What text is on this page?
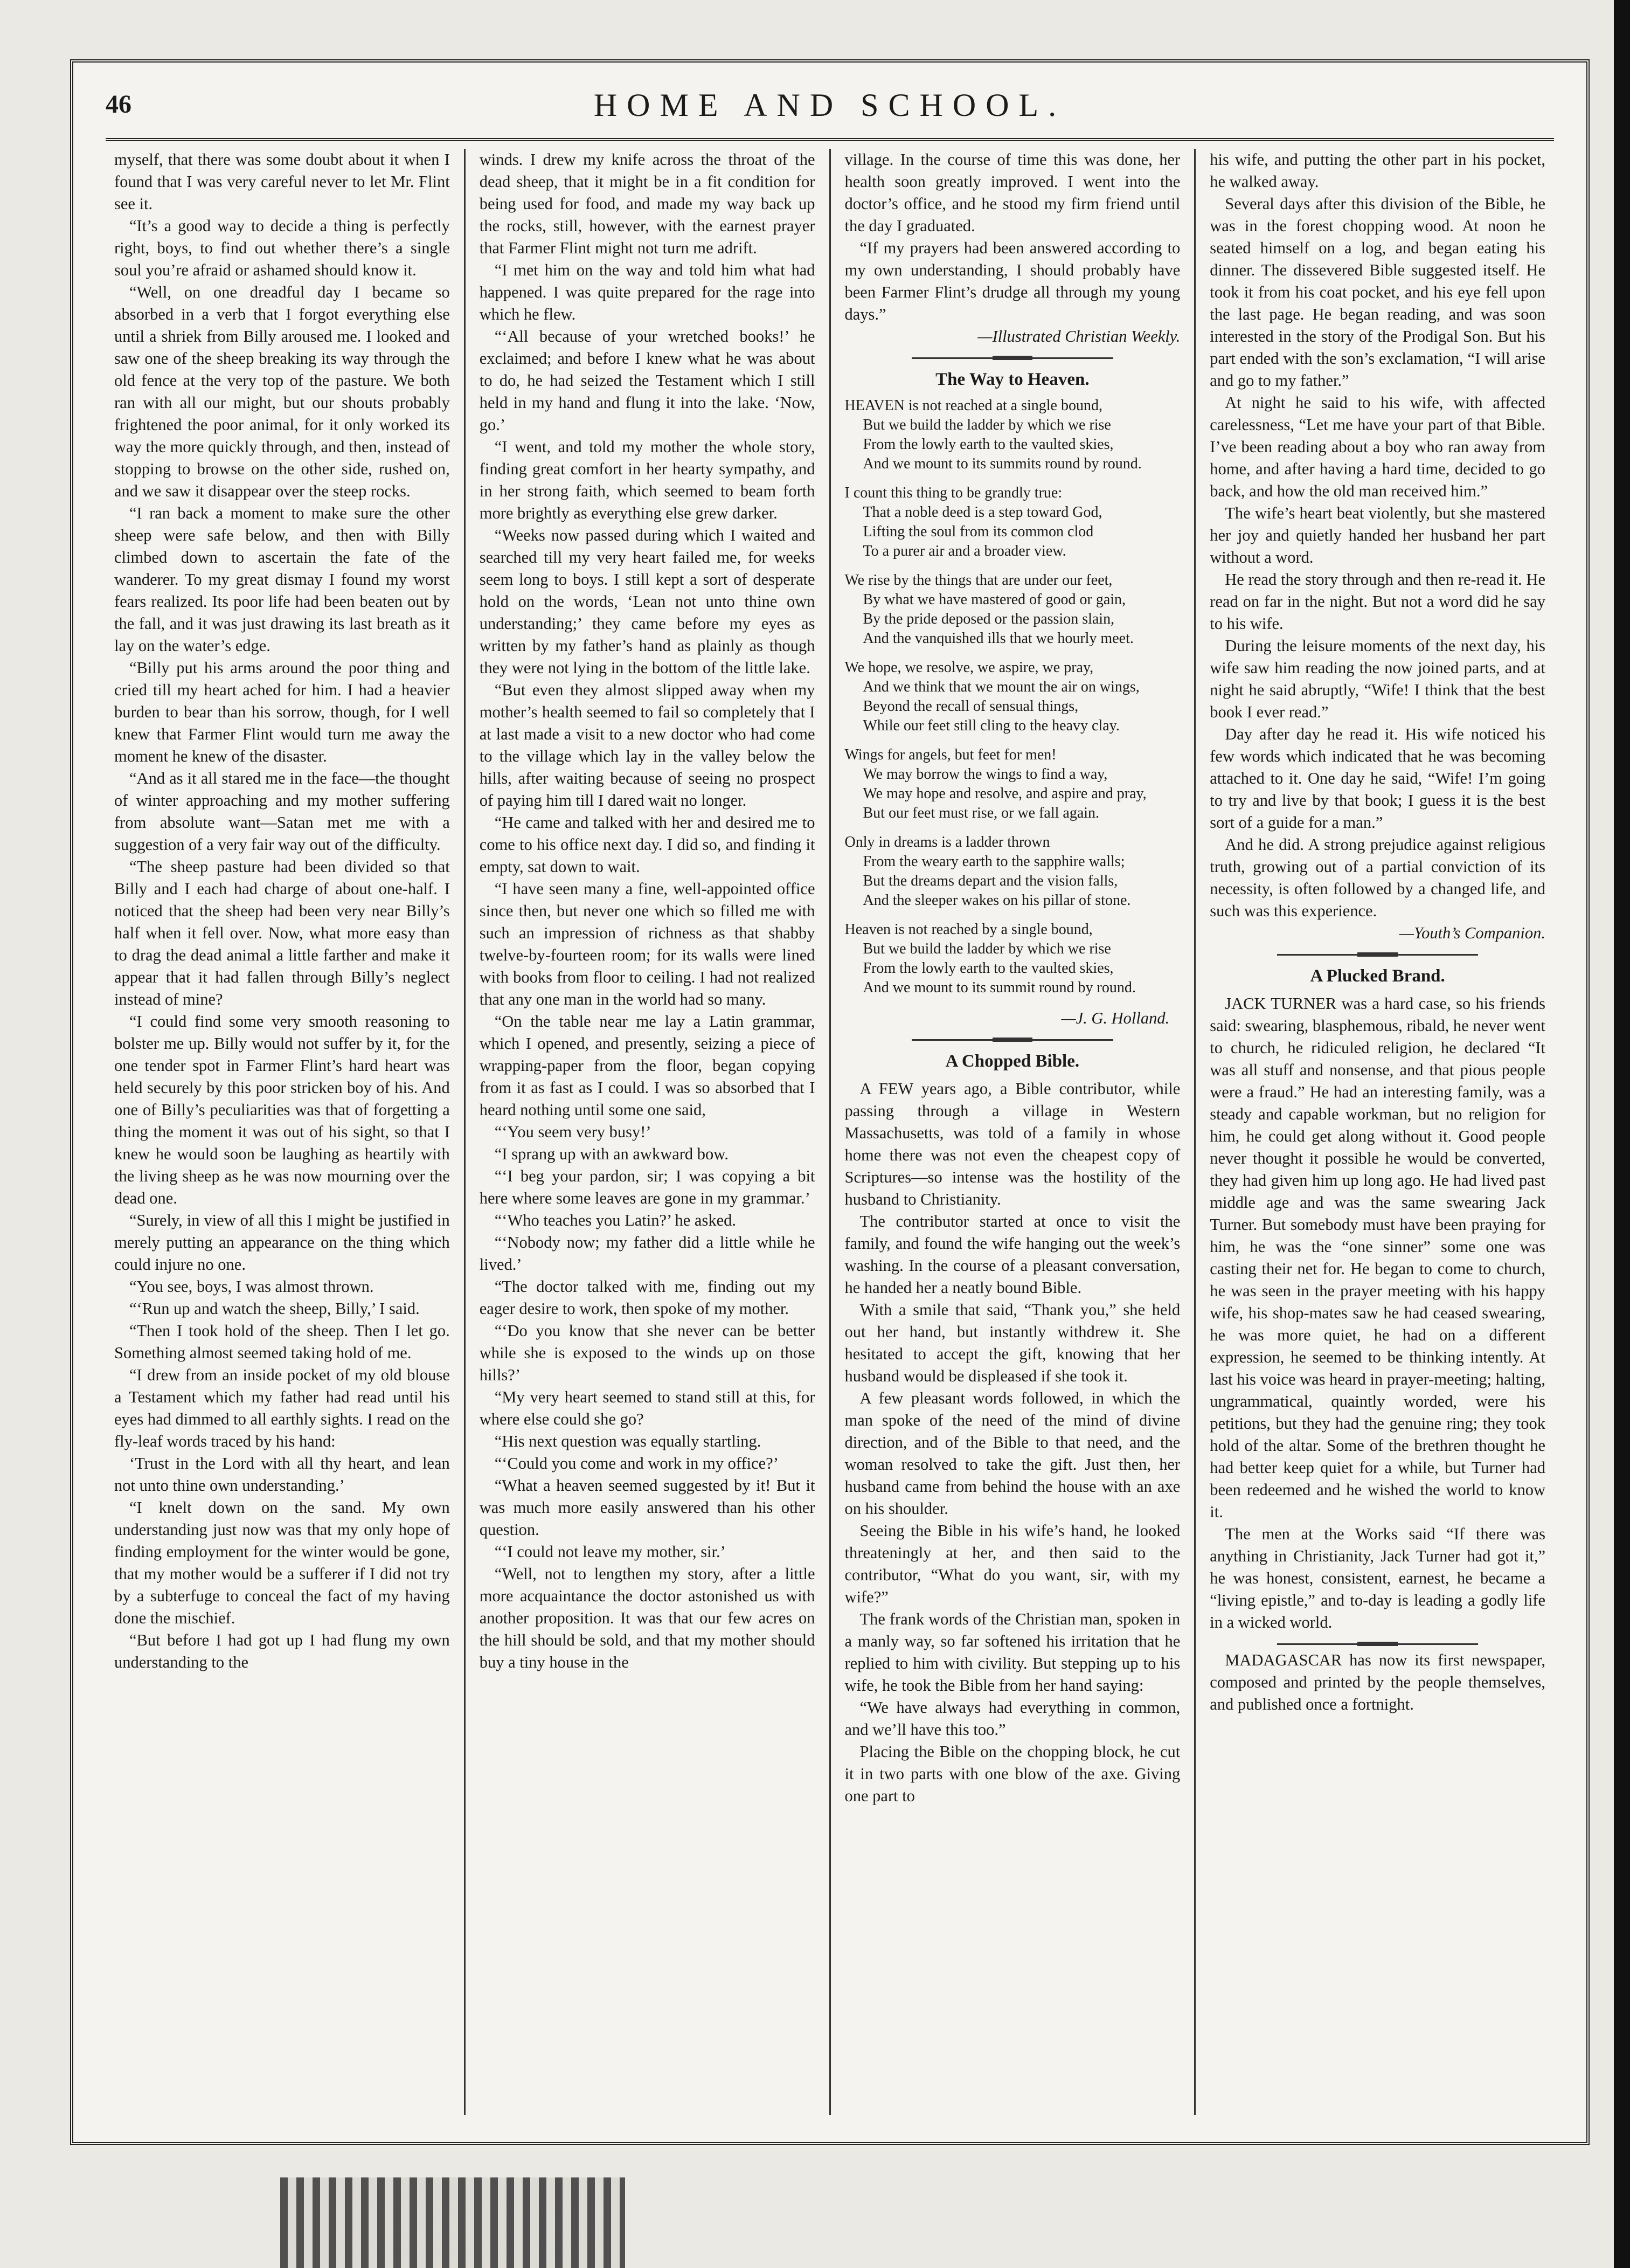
46	HOME AND SCHOOL.

myself, that there was some doubt about it when I found that I was very careful never to let Mr. Flint see it.

“It’s a good way to decide a thing is perfectly right, boys, to find out whether there’s a single soul you’re afraid or ashamed should know it.

“Well, on one dreadful day I became so absorbed in a verb that I forgot everything else until a shriek from Billy aroused me. I looked and saw one of the sheep breaking its way through the old fence at the very top of the pasture. We both ran with all our might, but our shouts probably frightened the poor animal, for it only worked its way the more quickly through, and then, instead of stopping to browse on the other side, rushed on, and we saw it disappear over the steep rocks.

“I ran back a moment to make sure the other sheep were safe below, and then with Billy climbed down to ascertain the fate of the wanderer. To my great dismay I found my worst fears realized. Its poor life had been beaten out by the fall, and it was just drawing its last breath as it lay on the water’s edge.

“Billy put his arms around the poor thing and cried till my heart ached for him. I had a heavier burden to bear than his sorrow, though, for I well knew that Farmer Flint would turn me away the moment he knew of the disaster.

“And as it all stared me in the face—the thought of winter approaching and my mother suffering from absolute want—Satan met me with a suggestion of a very fair way out of the difficulty.

“The sheep pasture had been divided so that Billy and I each had charge of about one-half. I noticed that the sheep had been very near Billy’s half when it fell over. Now, what more easy than to drag the dead animal a little farther and make it appear that it had fallen through Billy’s neglect instead of mine?

“I could find some very smooth reasoning to bolster me up. Billy would not suffer by it, for the one tender spot in Farmer Flint’s hard heart was held securely by this poor stricken boy of his. And one of Billy’s peculiarities was that of forgetting a thing the moment it was out of his sight, so that I knew he would soon be laughing as heartily with the living sheep as he was now mourning over the dead one.

“Surely, in view of all this I might be justified in merely putting an appearance on the thing which could injure no one.

“You see, boys, I was almost thrown.

“‘Run up and watch the sheep, Billy,’ I said.

“Then I took hold of the sheep. Then I let go. Something almost seemed taking hold of me.

“I drew from an inside pocket of my old blouse a Testament which my father had read until his eyes had dimmed to all earthly sights. I read on the fly-leaf words traced by his hand:

‘Trust in the Lord with all thy heart, and lean not unto thine own understanding.’

“I knelt down on the sand. My own understanding just now was that my only hope of finding employment for the winter would be gone, that my mother would be a sufferer if I did not try by a subterfuge to conceal the fact of my having done the mischief.

“But before I had got up I had flung my own understanding to the

winds. I drew my knife across the throat of the dead sheep, that it might be in a fit condition for being used for food, and made my way back up the rocks, still, however, with the earnest prayer that Farmer Flint might not turn me adrift.

“I met him on the way and told him what had happened. I was quite prepared for the rage into which he flew.

“‘All because of your wretched books!’ he exclaimed; and before I knew what he was about to do, he had seized the Testament which I still held in my hand and flung it into the lake. ‘Now, go.’

“I went, and told my mother the whole story, finding great comfort in her hearty sympathy, and in her strong faith, which seemed to beam forth more brightly as everything else grew darker.

“Weeks now passed during which I waited and searched till my very heart failed me, for weeks seem long to boys. I still kept a sort of desperate hold on the words, ‘Lean not unto thine own understanding;’ they came before my eyes as written by my father’s hand as plainly as though they were not lying in the bottom of the little lake.

“But even they almost slipped away when my mother’s health seemed to fail so completely that I at last made a visit to a new doctor who had come to the village which lay in the valley below the hills, after waiting because of seeing no prospect of paying him till I dared wait no longer.

“He came and talked with her and desired me to come to his office next day. I did so, and finding it empty, sat down to wait.

“I have seen many a fine, well-appointed office since then, but never one which so filled me with such an impression of richness as that shabby twelve-by-fourteen room; for its walls were lined with books from floor to ceiling. I had not realized that any one man in the world had so many.

“On the table near me lay a Latin grammar, which I opened, and presently, seizing a piece of wrapping-paper from the floor, began copying from it as fast as I could. I was so absorbed that I heard nothing until some one said,

“‘You seem very busy!’

“I sprang up with an awkward bow.

“‘I beg your pardon, sir; I was copying a bit here where some leaves are gone in my grammar.’

“‘Who teaches you Latin?’ he asked.

“‘Nobody now; my father did a little while he lived.’

“The doctor talked with me, finding out my eager desire to work, then spoke of my mother.

“‘Do you know that she never can be better while she is exposed to the winds up on those hills?’

“My very heart seemed to stand still at this, for where else could she go?

“His next question was equally startling.

“‘Could you come and work in my office?’

“What a heaven seemed suggested by it! But it was much more easily answered than his other question.

“‘I could not leave my mother, sir.’

“Well, not to lengthen my story, after a little more acquaintance the doctor astonished us with another proposition. It was that our few acres on the hill should be sold, and that my mother should buy a tiny house in the

village. In the course of time this was done, her health soon greatly improved. I went into the doctor’s office, and he stood my firm friend until the day I graduated.

“If my prayers had been answered according to my own understanding, I should probably have been Farmer Flint’s drudge all through my young days.”

—Illustrated Christian Weekly.

The Way to Heaven.
HEAVEN is not reached at a single bound,
But we build the ladder by which we rise
From the lowly earth to the vaulted skies,
And we mount to its summits round by round.
I count this thing to be grandly true:
That a noble deed is a step toward God,
Lifting the soul from its common clod
To a purer air and a broader view.
We rise by the things that are under our feet,
By what we have mastered of good or gain,
By the pride deposed or the passion slain,
And the vanquished ills that we hourly meet.
We hope, we resolve, we aspire, we pray,
And we think that we mount the air on wings,
Beyond the recall of sensual things,
While our feet still cling to the heavy clay.
Wings for angels, but feet for men!
We may borrow the wings to find a way,
We may hope and resolve, and aspire and pray,
But our feet must rise, or we fall again.
Only in dreams is a ladder thrown
From the weary earth to the sapphire walls;
But the dreams depart and the vision falls,
And the sleeper wakes on his pillar of stone.
Heaven is not reached by a single bound,
But we build the ladder by which we rise
From the lowly earth to the vaulted skies,
And we mount to its summit round by round.
—J. G. Holland.
A Chopped Bible.

A FEW years ago, a Bible contributor, while passing through a village in Western Massachusetts, was told of a family in whose home there was not even the cheapest copy of Scriptures—so intense was the hostility of the husband to Christianity.

The contributor started at once to visit the family, and found the wife hanging out the week’s washing. In the course of a pleasant conversation, he handed her a neatly bound Bible.

With a smile that said, “Thank you,” she held out her hand, but instantly withdrew it. She hesitated to accept the gift, knowing that her husband would be displeased if she took it.

A few pleasant words followed, in which the man spoke of the need of the mind of divine direction, and of the Bible to that need, and the woman resolved to take the gift. Just then, her husband came from behind the house with an axe on his shoulder.

Seeing the Bible in his wife’s hand, he looked threateningly at her, and then said to the contributor, “What do you want, sir, with my wife?”

The frank words of the Christian man, spoken in a manly way, so far softened his irritation that he replied to him with civility. But stepping up to his wife, he took the Bible from her hand saying:

“We have always had everything in common, and we’ll have this too.”

Placing the Bible on the chopping block, he cut it in two parts with one blow of the axe. Giving one part to

his wife, and putting the other part in his pocket, he walked away.

Several days after this division of the Bible, he was in the forest chopping wood. At noon he seated himself on a log, and began eating his dinner. The dissevered Bible suggested itself. He took it from his coat pocket, and his eye fell upon the last page. He began reading, and was soon interested in the story of the Prodigal Son. But his part ended with the son’s exclamation, “I will arise and go to my father.”

At night he said to his wife, with affected carelessness, “Let me have your part of that Bible. I’ve been reading about a boy who ran away from home, and after having a hard time, decided to go back, and how the old man received him.”

The wife’s heart beat violently, but she mastered her joy and quietly handed her husband her part without a word.

He read the story through and then re-read it. He read on far in the night. But not a word did he say to his wife.

During the leisure moments of the next day, his wife saw him reading the now joined parts, and at night he said abruptly, “Wife! I think that the best book I ever read.”

Day after day he read it. His wife noticed his few words which indicated that he was becoming attached to it. One day he said, “Wife! I’m going to try and live by that book; I guess it is the best sort of a guide for a man.”

And he did. A strong prejudice against religious truth, growing out of a partial conviction of its necessity, is often followed by a changed life, and such was this experience.

—Youth’s Companion.

A Plucked Brand.

JACK TURNER was a hard case, so his friends said: swearing, blasphemous, ribald, he never went to church, he ridiculed religion, he declared “It was all stuff and nonsense, and that pious people were a fraud.” He had an interesting family, was a steady and capable workman, but no religion for him, he could get along without it. Good people never thought it possible he would be converted, they had given him up long ago. He had lived past middle age and was the same swearing Jack Turner. But somebody must have been praying for him, he was the “one sinner” some one was casting their net for. He began to come to church, he was seen in the prayer meeting with his happy wife, his shop-mates saw he had ceased swearing, he was more quiet, he had on a different expression, he seemed to be thinking intently. At last his voice was heard in prayer-meeting; halting, ungrammatical, quaintly worded, were his petitions, but they had the genuine ring; they took hold of the altar. Some of the brethren thought he had better keep quiet for a while, but Turner had been redeemed and he wished the world to know it.

The men at the Works said “If there was anything in Christianity, Jack Turner had got it,” he was honest, consistent, earnest, he became a “living epistle,” and to-day is leading a godly life in a wicked world.

MADAGASCAR has now its first newspaper, composed and printed by the people themselves, and published once a fortnight.
